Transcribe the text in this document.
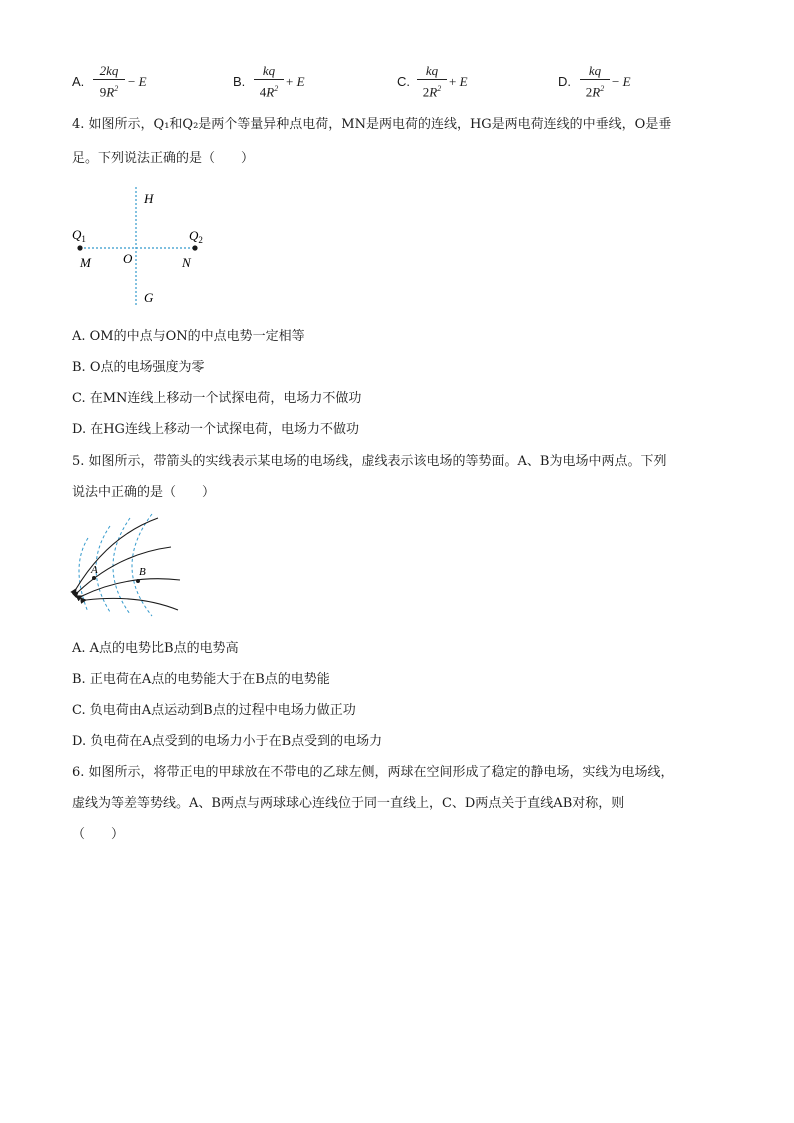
A.
2kq
$9R^2 - E$	B.
kq
$4R^2 + E$	C.
kq
$2R^2 + E$	D.
kq
$2R^2 - E$
4. 如图所示，Q₁和Q₂是两个等量异种点电荷，MN是两电荷的连线，HG是两电荷连线的中垂线，O是垂
足。下列说法正确的是（　　）
H
G
O
M	N
$Q_1$	$Q_2$
A. OM的中点与ON的中点电势一定相等
B. O点的电场强度为零
C. 在MN连线上移动一个试探电荷，电场力不做功
D. 在HG连线上移动一个试探电荷，电场力不做功
5. 如图所示，带箭头的实线表示某电场的电场线，虚线表示该电场的等势面。A、B为电场中两点。下列
说法中正确的是（　　）
A	B
A. A点的电势比B点的电势高
B. 正电荷在A点的电势能大于在B点的电势能
C. 负电荷由A点运动到B点的过程中电场力做正功
D. 负电荷在A点受到的电场力小于在B点受到的电场力
6. 如图所示，将带正电的甲球放在不带电的乙球左侧，两球在空间形成了稳定的静电场，实线为电场线，
虚线为等差等势线。A、B两点与两球球心连线位于同一直线上，C、D两点关于直线AB对称，则
（　　）
